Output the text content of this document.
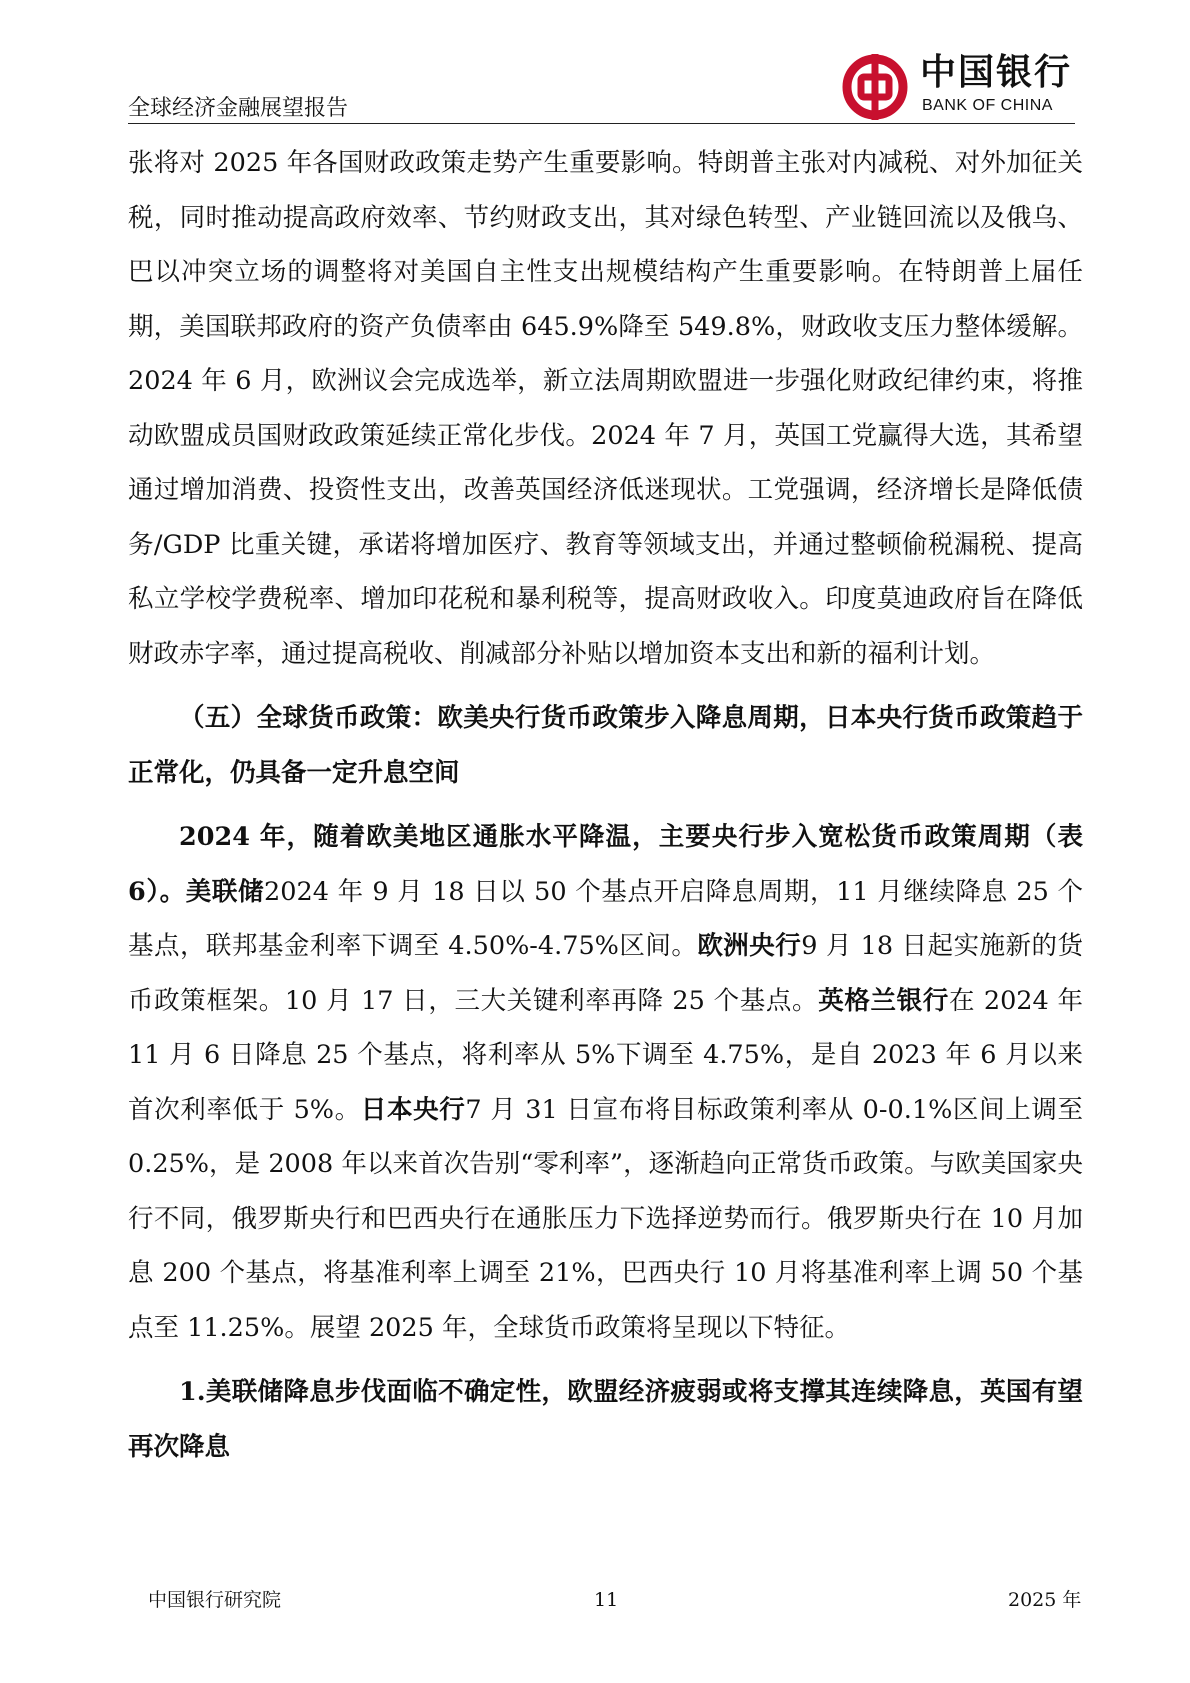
全球经济金融展望报告
中国银行
BANK OF CHINA

张将对 2025 年各国财政政策走势产生重要影响。特朗普主张对内减税、对外加征关税，同时推动提高政府效率、节约财政支出，其对绿色转型、产业链回流以及俄乌、巴以冲突立场的调整将对美国自主性支出规模结构产生重要影响。在特朗普上届任期，美国联邦政府的资产负债率由 645.9%降至 549.8%，财政收支压力整体缓解。2024 年 6 月，欧洲议会完成选举，新立法周期欧盟进一步强化财政纪律约束，将推动欧盟成员国财政政策延续正常化步伐。2024 年 7 月，英国工党赢得大选，其希望通过增加消费、投资性支出，改善英国经济低迷现状。工党强调，经济增长是降低债务/GDP 比重关键，承诺将增加医疗、教育等领域支出，并通过整顿偷税漏税、提高私立学校学费税率、增加印花税和暴利税等，提高财政收入。印度莫迪政府旨在降低财政赤字率，通过提高税收、削减部分补贴以增加资本支出和新的福利计划。

（五）全球货币政策：欧美央行货币政策步入降息周期，日本央行货币政策趋于正常化，仍具备一定升息空间

2024 年，随着欧美地区通胀水平降温，主要央行步入宽松货币政策周期（表 6）。美联储2024 年 9 月 18 日以 50 个基点开启降息周期，11 月继续降息 25 个基点，联邦基金利率下调至 4.50%-4.75%区间。欧洲央行9 月 18 日起实施新的货币政策框架。10 月 17 日，三大关键利率再降 25 个基点。英格兰银行在 2024 年 11 月 6 日降息 25 个基点，将利率从 5%下调至 4.75%，是自 2023 年 6 月以来首次利率低于 5%。日本央行7 月 31 日宣布将目标政策利率从 0-0.1%区间上调至 0.25%，是 2008 年以来首次告别“零利率”，逐渐趋向正常货币政策。与欧美国家央行不同，俄罗斯央行和巴西央行在通胀压力下选择逆势而行。俄罗斯央行在 10 月加息 200 个基点，将基准利率上调至 21%，巴西央行 10 月将基准利率上调 50 个基点至 11.25%。展望 2025 年，全球货币政策将呈现以下特征。

1.美联储降息步伐面临不确定性，欧盟经济疲弱或将支撑其连续降息，英国有望再次降息

中国银行研究院	11	2025 年
